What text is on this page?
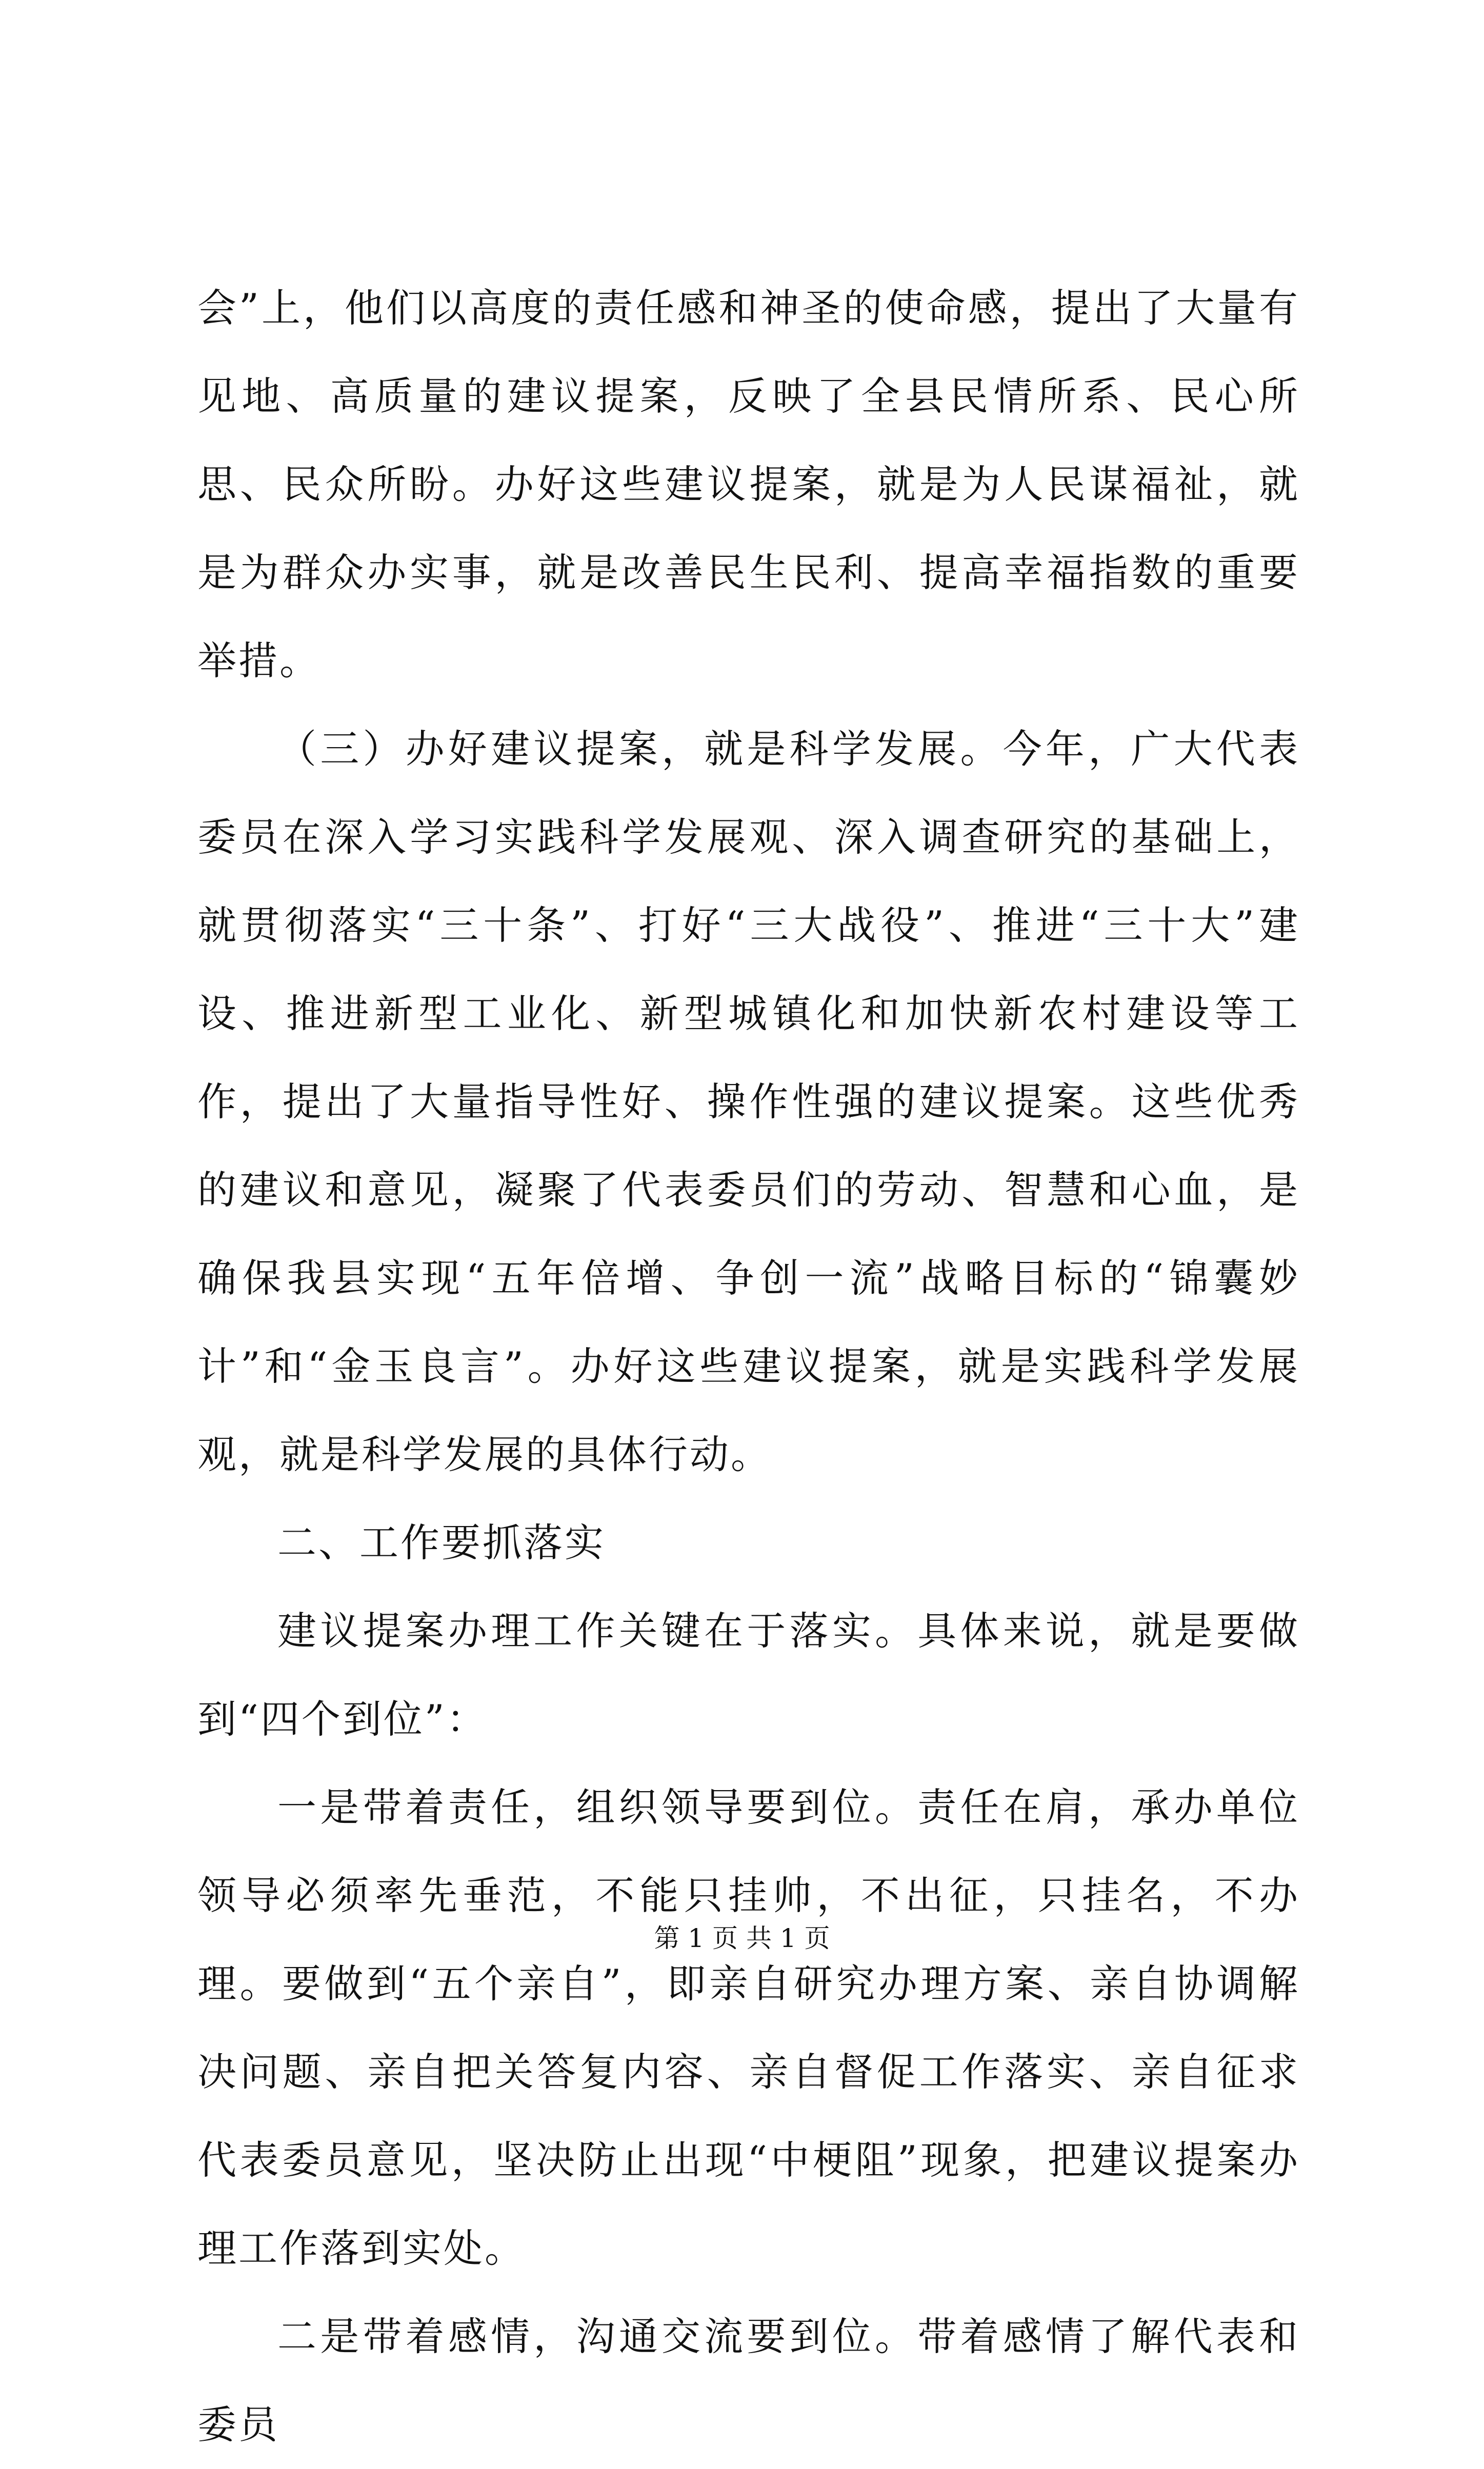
会”上，他们以高度的责任感和神圣的使命感，提出了大量有见地、高质量的建议提案，反映了全县民情所系、民心所思、民众所盼。办好这些建议提案，就是为人民谋福祉，就是为群众办实事，就是改善民生民利、提高幸福指数的重要举措。

（三）办好建议提案，就是科学发展。今年，广大代表委员在深入学习实践科学发展观、深入调查研究的基础上，就贯彻落实“三十条”、打好“三大战役”、推进“三十大”建设、推进新型工业化、新型城镇化和加快新农村建设等工作，提出了大量指导性好、操作性强的建议提案。这些优秀的建议和意见，凝聚了代表委员们的劳动、智慧和心血，是确保我县实现“五年倍增、争创一流”战略目标的“锦囊妙计”和“金玉良言”。办好这些建议提案，就是实践科学发展观，就是科学发展的具体行动。

二、工作要抓落实

建议提案办理工作关键在于落实。具体来说，就是要做到“四个到位”：

一是带着责任，组织领导要到位。责任在肩，承办单位领导必须率先垂范，不能只挂帅，不出征，只挂名，不办理。要做到“五个亲自”，即亲自研究办理方案、亲自协调解决问题、亲自把关答复内容、亲自督促工作落实、亲自征求代表委员意见，坚决防止出现“中梗阻”现象，把建议提案办理工作落到实处。

二是带着感情，沟通交流要到位。带着感情了解代表和委员

第 1 页 共 1 页
